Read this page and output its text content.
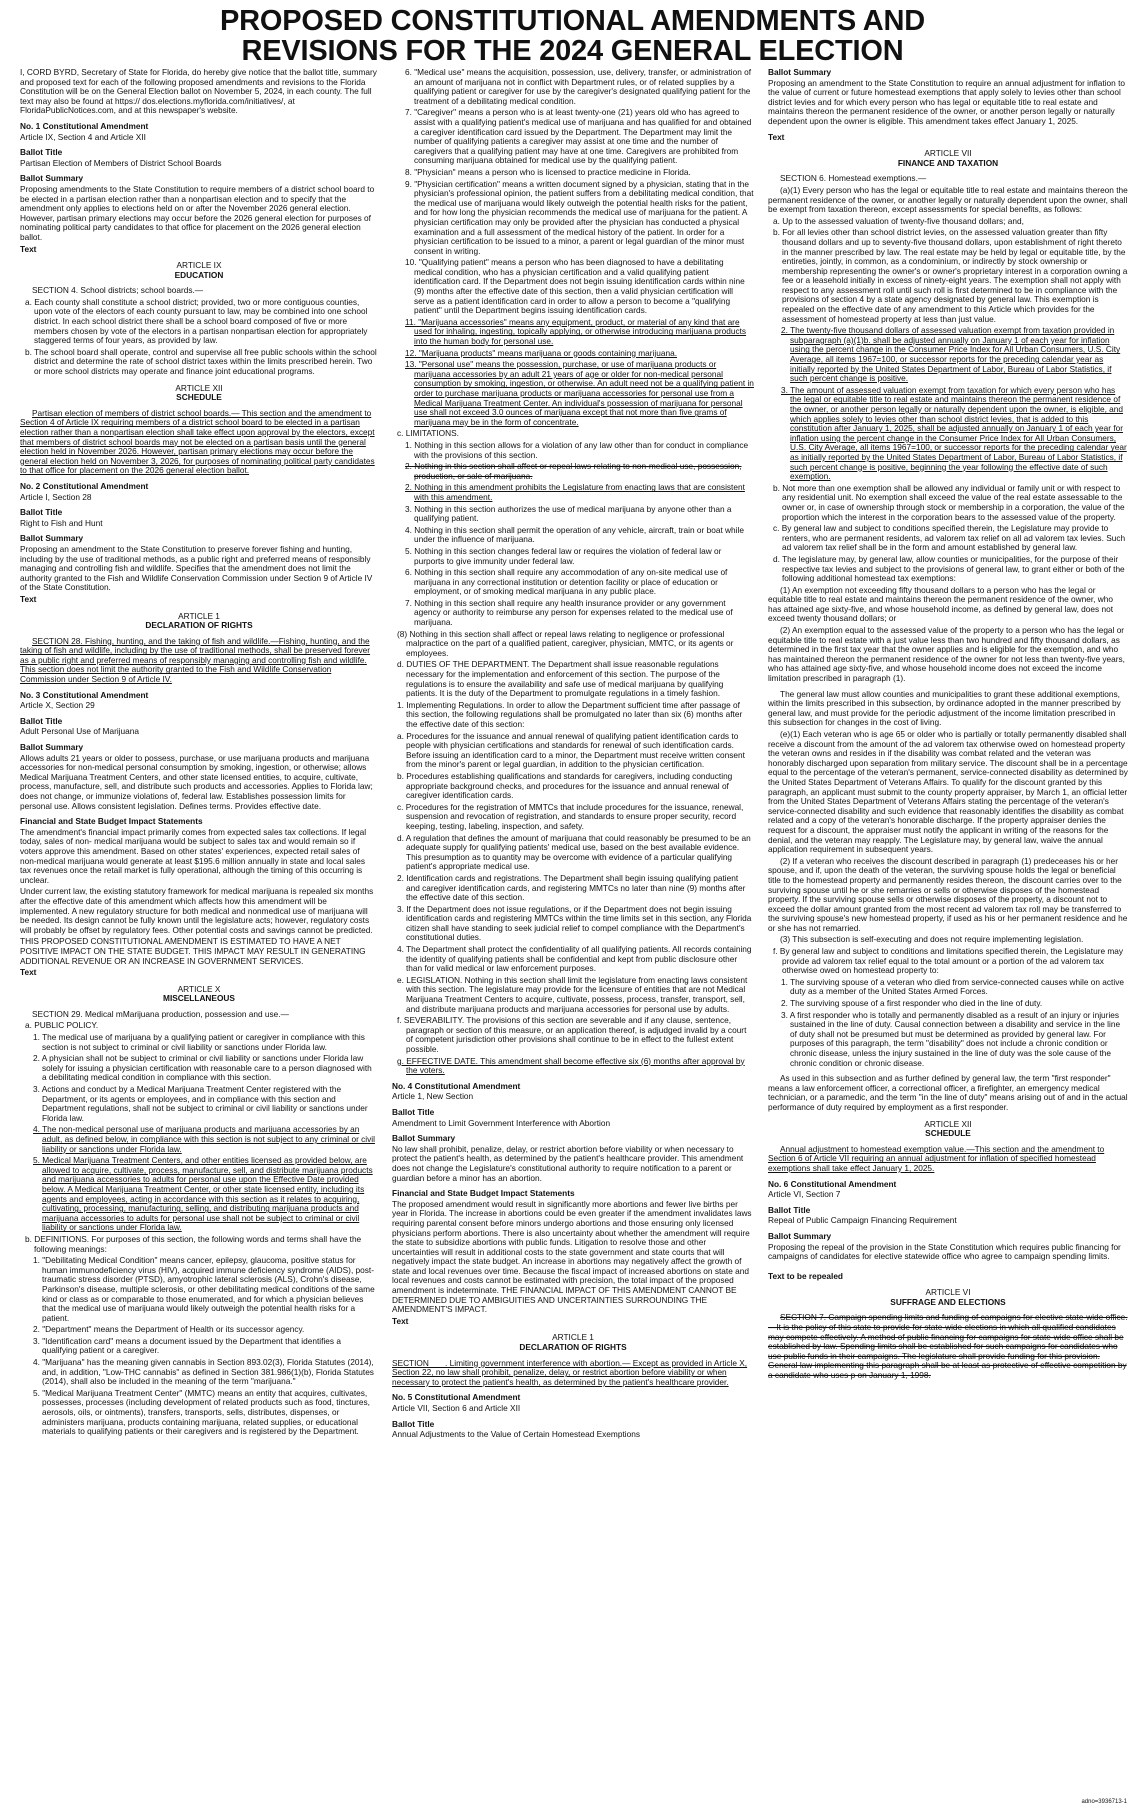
PROPOSED CONSTITUTIONAL AMENDMENTS AND
REVISIONS FOR THE 2024 GENERAL ELECTION

I, CORD BYRD, Secretary of State for Florida, do hereby give notice that the ballot title, summary and proposed text for each of the following proposed amendments and revisions to the Florida Constitution will be on the General Election ballot on November 5, 2024, in each county. The full text may also be found at https:// dos.elections.myflorida.com/initiatives/, at FloridaPublicNotices.com, and at this newspaper's website.

No. 1 Constitutional Amendment

Article IX, Section 4 and Article XII

Ballot Title

Partisan Election of Members of District School Boards

Ballot Summary

Proposing amendments to the State Constitution to require members of a district school board to be elected in a partisan election rather than a nonpartisan election and to specify that the amendment only applies to elections held on or after the November 2026 general election. However, partisan primary elections may occur before the 2026 general election for purposes of nominating political party candidates to that office for placement on the 2026 general election ballot.

Text

ARTICLE IX

EDUCATION

SECTION 4. School districts; school boards.—

a. Each county shall constitute a school district; provided, two or more contiguous counties, upon vote of the electors of each county pursuant to law, may be combined into one school district. In each school district there shall be a school board composed of five or more members chosen by vote of the electors in a partisan nonpartisan election for appropriately staggered terms of four years, as provided by law.

b. The school board shall operate, control and supervise all free public schools within the school district and determine the rate of school district taxes within the limits prescribed herein. Two or more school districts may operate and finance joint educational programs.

ARTICLE XII

SCHEDULE

Partisan election of members of district school boards.— This section and the amendment to Section 4 of Article IX requiring members of a district school board to be elected in a partisan election rather than a nonpartisan election shall take effect upon approval by the electors, except that members of district school boards may not be elected on a partisan basis until the general election held in November 2026. However, partisan primary elections may occur before the general election held on November 3, 2026, for purposes of nominating political party candidates to that office for placement on the 2026 general election ballot.

No. 2 Constitutional Amendment

Article I, Section 28

Ballot Title

Right to Fish and Hunt

Ballot Summary

Proposing an amendment to the State Constitution to preserve forever fishing and hunting, including by the use of traditional methods, as a public right and preferred means of responsibly managing and controlling fish and wildlife. Specifies that the amendment does not limit the authority granted to the Fish and Wildlife Conservation Commission under Section 9 of Article IV of the State Constitution.

Text

ARTICLE 1

DECLARATION OF RIGHTS

SECTION 28. Fishing, hunting, and the taking of fish and wildlife.—Fishing, hunting, and the taking of fish and wildlife, including by the use of traditional methods, shall be preserved forever as a public right and preferred means of responsibly managing and controlling fish and wildlife. This section does not limit the authority granted to the Fish and Wildlife Conservation Commission under Section 9 of Article IV.

No. 3 Constitutional Amendment

Article X, Section 29

Ballot Title

Adult Personal Use of Marijuana

Ballot Summary

Allows adults 21 years or older to possess, purchase, or use marijuana products and marijuana accessories for non-medical personal consumption by smoking, ingestion, or otherwise; allows Medical Marijuana Treatment Centers, and other state licensed entities, to acquire, cultivate, process, manufacture, sell, and distribute such products and accessories. Applies to Florida law; does not change, or immunize violations of, federal law. Establishes possession limits for personal use. Allows consistent legislation. Defines terms. Provides effective date.

Financial and State Budget Impact Statements

The amendment's financial impact primarily comes from expected sales tax collections. If legal today, sales of non- medical marijuana would be subject to sales tax and would remain so if voters approve this amendment. Based on other states' experiences, expected retail sales of non-medical marijuana would generate at least $195.6 million annually in state and local sales tax revenues once the retail market is fully operational, although the timing of this occurring is unclear.

Under current law, the existing statutory framework for medical marijuana is repealed six months after the effective date of this amendment which affects how this amendment will be implemented. A new regulatory structure for both medical and nonmedical use of marijuana will be needed. Its design cannot be fully known until the legislature acts; however, regulatory costs will probably be offset by regulatory fees. Other potential costs and savings cannot be predicted.

THIS PROPOSED CONSTITUTIONAL AMENDMENT IS ESTIMATED TO HAVE A NET POSITIVE IMPACT ON THE STATE BUDGET. THIS IMPACT MAY RESULT IN GENERATING ADDITIONAL REVENUE OR AN INCREASE IN GOVERNMENT SERVICES.

Text

ARTICLE X

MISCELLANEOUS

SECTION 29. Medical mMarijuana production, possession and use.—

a. PUBLIC POLICY.

1. The medical use of marijuana by a qualifying patient or caregiver in compliance with this section is not subject to criminal or civil liability or sanctions under Florida law.

2. A physician shall not be subject to criminal or civil liability or sanctions under Florida law solely for issuing a physician certification with reasonable care to a person diagnosed with a debilitating medical condition in compliance with this section.

3. Actions and conduct by a Medical Marijuana Treatment Center registered with the Department, or its agents or employees, and in compliance with this section and Department regulations, shall not be subject to criminal or civil liability or sanctions under Florida law.

4. The non-medical personal use of marijuana products and marijuana accessories by an adult, as defined below, in compliance with this section is not subject to any criminal or civil liability or sanctions under Florida law.

5. Medical Marijuana Treatment Centers, and other entities licensed as provided below, are allowed to acquire, cultivate, process, manufacture, sell, and distribute marijuana products and marijuana accessories to adults for personal use upon the Effective Date provided below. A Medical Marijuana Treatment Center, or other state licensed entity, including its agents and employees, acting in accordance with this section as it relates to acquiring, cultivating, processing, manufacturing, selling, and distributing marijuana products and marijuana accessories to adults for personal use shall not be subject to criminal or civil liability or sanctions under Florida law.

b. DEFINITIONS. For purposes of this section, the following words and terms shall have the following meanings:

1. "Debilitating Medical Condition" means cancer, epilepsy, glaucoma, positive status for human immunodeficiency virus (HIV), acquired immune deficiency syndrome (AIDS), post- traumatic stress disorder (PTSD), amyotrophic lateral sclerosis (ALS), Crohn's disease, Parkinson's disease, multiple sclerosis, or other debilitating medical conditions of the same kind or class as or comparable to those enumerated, and for which a physician believes that the medical use of marijuana would likely outweigh the potential health risks for a patient.

2. "Department" means the Department of Health or its successor agency.

3. "Identification card" means a document issued by the Department that identifies a qualifying patient or a caregiver.

4. "Marijuana" has the meaning given cannabis in Section 893.02(3), Florida Statutes (2014), and, in addition, "Low-THC cannabis" as defined in Section 381.986(1)(b), Florida Statutes (2014), shall also be included in the meaning of the term "marijuana."

5. "Medical Marijuana Treatment Center" (MMTC) means an entity that acquires, cultivates, possesses, processes (including development of related products such as food, tinctures, aerosols, oils, or ointments), transfers, transports, sells, distributes, dispenses, or administers marijuana, products containing marijuana, related supplies, or educational materials to qualifying patients or their caregivers and is registered by the Department.

6. "Medical use" means the acquisition, possession, use, delivery, transfer, or administration of an amount of marijuana not in conflict with Department rules, or of related supplies by a qualifying patient or caregiver for use by the caregiver's designated qualifying patient for the treatment of a debilitating medical condition.

7. "Caregiver" means a person who is at least twenty-one (21) years old who has agreed to assist with a qualifying patient's medical use of marijuana and has qualified for and obtained a caregiver identification card issued by the Department. The Department may limit the number of qualifying patients a caregiver may assist at one time and the number of caregivers that a qualifying patient may have at one time. Caregivers are prohibited from consuming marijuana obtained for medical use by the qualifying patient.

8. "Physician" means a person who is licensed to practice medicine in Florida.

9. "Physician certification" means a written document signed by a physician, stating that in the physician's professional opinion, the patient suffers from a debilitating medical condition, that the medical use of marijuana would likely outweigh the potential health risks for the patient, and for how long the physician recommends the medical use of marijuana for the patient. A physician certification may only be provided after the physician has conducted a physical examination and a full assessment of the medical history of the patient. In order for a physician certification to be issued to a minor, a parent or legal guardian of the minor must consent in writing.

10. "Qualifying patient" means a person who has been diagnosed to have a debilitating medical condition, who has a physician certification and a valid qualifying patient identification card. If the Department does not begin issuing identification cards within nine (9) months after the effective date of this section, then a valid physician certification will serve as a patient identification card in order to allow a person to become a "qualifying patient" until the Department begins issuing identification cards.

11. "Marijuana accessories" means any equipment, product, or material of any kind that are used for inhaling, ingesting, topically applying, or otherwise introducing marijuana products into the human body for personal use.

12. "Marijuana products" means marijuana or goods containing marijuana.

13. "Personal use" means the possession, purchase, or use of marijuana products or marijuana accessories by an adult 21 years of age or older for non-medical personal consumption by smoking, ingestion, or otherwise. An adult need not be a qualifying patient in order to purchase marijuana products or marijuana accessories for personal use from a Medical Marijuana Treatment Center. An individual's possession of marijuana for personal use shall not exceed 3.0 ounces of marijuana except that not more than five grams of marijuana may be in the form of concentrate.

c. LIMITATIONS.

1. Nothing in this section allows for a violation of any law other than for conduct in compliance with the provisions of this section.

2. Nothing in this section shall affect or repeal laws relating to non-medical use, possession, production, or sale of marijuana.

2. Nothing in this amendment prohibits the Legislature from enacting laws that are consistent with this amendment.

3. Nothing in this section authorizes the use of medical marijuana by anyone other than a qualifying patient.

4. Nothing in this section shall permit the operation of any vehicle, aircraft, train or boat while under the influence of marijuana.

5. Nothing in this section changes federal law or requires the violation of federal law or purports to give immunity under federal law.

6. Nothing in this section shall require any accommodation of any on-site medical use of marijuana in any correctional institution or detention facility or place of education or employment, or of smoking medical marijuana in any public place.

7. Nothing in this section shall require any health insurance provider or any government agency or authority to reimburse any person for expenses related to the medical use of marijuana.

(8) Nothing in this section shall affect or repeal laws relating to negligence or professional malpractice on the part of a qualified patient, caregiver, physician, MMTC, or its agents or employees.

d. DUTIES OF THE DEPARTMENT. The Department shall issue reasonable regulations necessary for the implementation and enforcement of this section. The purpose of the regulations is to ensure the availability and safe use of medical marijuana by qualifying patients. It is the duty of the Department to promulgate regulations in a timely fashion.

1. Implementing Regulations. In order to allow the Department sufficient time after passage of this section, the following regulations shall be promulgated no later than six (6) months after the effective date of this section:

a. Procedures for the issuance and annual renewal of qualifying patient identification cards to people with physician certifications and standards for renewal of such identification cards. Before issuing an identification card to a minor, the Department must receive written consent from the minor's parent or legal guardian, in addition to the physician certification.

b. Procedures establishing qualifications and standards for caregivers, including conducting appropriate background checks, and procedures for the issuance and annual renewal of caregiver identification cards.

c. Procedures for the registration of MMTCs that include procedures for the issuance, renewal, suspension and revocation of registration, and standards to ensure proper security, record keeping, testing, labeling, inspection, and safety.

d. A regulation that defines the amount of marijuana that could reasonably be presumed to be an adequate supply for qualifying patients' medical use, based on the best available evidence. This presumption as to quantity may be overcome with evidence of a particular qualifying patient's appropriate medical use.

2. Identification cards and registrations. The Department shall begin issuing qualifying patient and caregiver identification cards, and registering MMTCs no later than nine (9) months after the effective date of this section.

3. If the Department does not issue regulations, or if the Department does not begin issuing identification cards and registering MMTCs within the time limits set in this section, any Florida citizen shall have standing to seek judicial relief to compel compliance with the Department's constitutional duties.

4. The Department shall protect the confidentiality of all qualifying patients. All records containing the identity of qualifying patients shall be confidential and kept from public disclosure other than for valid medical or law enforcement purposes.

e. LEGISLATION. Nothing in this section shall limit the legislature from enacting laws consistent with this section. The legislature may provide for the licensure of entities that are not Medical Marijuana Treatment Centers to acquire, cultivate, possess, process, transfer, transport, sell, and distribute marijuana products and marijuana accessories for personal use by adults.

f. SEVERABILITY. The provisions of this section are severable and if any clause, sentence, paragraph or section of this measure, or an application thereof, is adjudged invalid by a court of competent jurisdiction other provisions shall continue to be in effect to the fullest extent possible.

g. EFFECTIVE DATE. This amendment shall become effective six (6) months after approval by the voters.

No. 4 Constitutional Amendment

Article 1, New Section

Ballot Title

Amendment to Limit Government Interference with Abortion

Ballot Summary

No law shall prohibit, penalize, delay, or restrict abortion before viability or when necessary to protect the patient's health, as determined by the patient's healthcare provider. This amendment does not change the Legislature's constitutional authority to require notification to a parent or guardian before a minor has an abortion.

Financial and State Budget Impact Statements

The proposed amendment would result in significantly more abortions and fewer live births per year in Florida. The increase in abortions could be even greater if the amendment invalidates laws requiring parental consent before minors undergo abortions and those ensuring only licensed physicians perform abortions. There is also uncertainty about whether the amendment will require the state to subsidize abortions with public funds. Litigation to resolve those and other uncertainties will result in additional costs to the state government and state courts that will negatively impact the state budget. An increase in abortions may negatively affect the growth of state and local revenues over time. Because the fiscal impact of increased abortions on state and local revenues and costs cannot be estimated with precision, the total impact of the proposed amendment is indeterminate. THE FINANCIAL IMPACT OF THIS AMENDMENT CANNOT BE DETERMINED DUE TO AMBIGUITIES AND UNCERTAINTIES SURROUNDING THE AMENDMENT'S IMPACT.

Text

ARTICLE 1

DECLARATION OF RIGHTS

SECTION ___. Limiting government interference with abortion.— Except as provided in Article X, Section 22, no law shall prohibit, penalize, delay, or restrict abortion before viability or when necessary to protect the patient's health, as determined by the patient's healthcare provider.

No. 5 Constitutional Amendment

Article VII, Section 6 and Article XII

Ballot Title

Annual Adjustments to the Value of Certain Homestead Exemptions

Ballot Summary

Proposing an amendment to the State Constitution to require an annual adjustment for inflation to the value of current or future homestead exemptions that apply solely to levies other than school district levies and for which every person who has legal or equitable title to real estate and maintains thereon the permanent residence of the owner, or another person legally or naturally dependent upon the owner is eligible. This amendment takes effect January 1, 2025.

Text

ARTICLE VII

FINANCE AND TAXATION

SECTION 6. Homestead exemptions.—

(a)(1) Every person who has the legal or equitable title to real estate and maintains thereon the permanent residence of the owner, or another legally or naturally dependent upon the owner, shall be exempt from taxation thereon, except assessments for special benefits, as follows:

a. Up to the assessed valuation of twenty-five thousand dollars; and,

b. For all levies other than school district levies, on the assessed valuation greater than fifty thousand dollars and up to seventy-five thousand dollars, upon establishment of right thereto in the manner prescribed by law. The real estate may be held by legal or equitable title, by the entireties, jointly, in common, as a condominium, or indirectly by stock ownership or membership representing the owner's or owner's proprietary interest in a corporation owning a fee or a leasehold initially in excess of ninety-eight years. The exemption shall not apply with respect to any assessment roll until such roll is first determined to be in compliance with the provisions of section 4 by a state agency designated by general law. This exemption is repealed on the effective date of any amendment to this Article which provides for the assessment of homestead property at less than just value.

2. The twenty-five thousand dollars of assessed valuation exempt from taxation provided in subparagraph (a)(1)b. shall be adjusted annually on January 1 of each year for inflation using the percent change in the Consumer Price Index for All Urban Consumers, U.S. City Average, all items 1967=100, or successor reports for the preceding calendar year as initially reported by the United States Department of Labor, Bureau of Labor Statistics, if such percent change is positive.

3. The amount of assessed valuation exempt from taxation for which every person who has the legal or equitable title to real estate and maintains thereon the permanent residence of the owner, or another person legally or naturally dependent upon the owner, is eligible, and which applies solely to levies other than school district levies, that is added to this constitution after January 1, 2025, shall be adjusted annually on January 1 of each year for inflation using the percent change in the Consumer Price Index for All Urban Consumers, U.S. City Average, all items 1967=100, or successor reports for the preceding calendar year as initially reported by the United States Department of Labor, Bureau of Labor Statistics, if such percent change is positive, beginning the year following the effective date of such exemption.

b. Not more than one exemption shall be allowed any individual or family unit or with respect to any residential unit. No exemption shall exceed the value of the real estate assessable to the owner or, in case of ownership through stock or membership in a corporation, the value of the proportion which the interest in the corporation bears to the assessed value of the property.

c. By general law and subject to conditions specified therein, the Legislature may provide to renters, who are permanent residents, ad valorem tax relief on all ad valorem tax levies. Such ad valorem tax relief shall be in the form and amount established by general law.

d. The legislature may, by general law, allow counties or municipalities, for the purpose of their respective tax levies and subject to the provisions of general law, to grant either or both of the following additional homestead tax exemptions:

(1) An exemption not exceeding fifty thousand dollars to a person who has the legal or equitable title to real estate and maintains thereon the permanent residence of the owner, who has attained age sixty-five, and whose household income, as defined by general law, does not exceed twenty thousand dollars; or

(2) An exemption equal to the assessed value of the property to a person who has the legal or equitable title to real estate with a just value less than two hundred and fifty thousand dollars, as determined in the first tax year that the owner applies and is eligible for the exemption, and who has maintained thereon the permanent residence of the owner for not less than twenty-five years, who has attained age sixty-five, and whose household income does not exceed the income limitation prescribed in paragraph (1).

The general law must allow counties and municipalities to grant these additional exemptions, within the limits prescribed in this subsection, by ordinance adopted in the manner prescribed by general law, and must provide for the periodic adjustment of the income limitation prescribed in this subsection for changes in the cost of living.

(e)(1) Each veteran who is age 65 or older who is partially or totally permanently disabled shall receive a discount from the amount of the ad valorem tax otherwise owed on homestead property the veteran owns and resides in if the disability was combat related and the veteran was honorably discharged upon separation from military service. The discount shall be in a percentage equal to the percentage of the veteran's permanent, service-connected disability as determined by the United States Department of Veterans Affairs. To qualify for the discount granted by this paragraph, an applicant must submit to the county property appraiser, by March 1, an official letter from the United States Department of Veterans Affairs stating the percentage of the veteran's service-connected disability and such evidence that reasonably identifies the disability as combat related and a copy of the veteran's honorable discharge. If the property appraiser denies the request for a discount, the appraiser must notify the applicant in writing of the reasons for the denial, and the veteran may reapply. The Legislature may, by general law, waive the annual application requirement in subsequent years.

(2) If a veteran who receives the discount described in paragraph (1) predeceases his or her spouse, and if, upon the death of the veteran, the surviving spouse holds the legal or beneficial title to the homestead property and permanently resides thereon, the discount carries over to the surviving spouse until he or she remarries or sells or otherwise disposes of the homestead property. If the surviving spouse sells or otherwise disposes of the property, a discount not to exceed the dollar amount granted from the most recent ad valorem tax roll may be transferred to the surviving spouse's new homestead property, if used as his or her permanent residence and he or she has not remarried.

(3) This subsection is self-executing and does not require implementing legislation.

f. By general law and subject to conditions and limitations specified therein, the Legislature may provide ad valorem tax relief equal to the total amount or a portion of the ad valorem tax otherwise owed on homestead property to:

1. The surviving spouse of a veteran who died from service-connected causes while on active duty as a member of the United States Armed Forces.

2. The surviving spouse of a first responder who died in the line of duty.

3. A first responder who is totally and permanently disabled as a result of an injury or injuries sustained in the line of duty. Causal connection between a disability and service in the line of duty shall not be presumed but must be determined as provided by general law. For purposes of this paragraph, the term "disability" does not include a chronic condition or chronic disease, unless the injury sustained in the line of duty was the sole cause of the chronic condition or chronic disease.

As used in this subsection and as further defined by general law, the term "first responder" means a law enforcement officer, a correctional officer, a firefighter, an emergency medical technician, or a paramedic, and the term "in the line of duty" means arising out of and in the actual performance of duty required by employment as a first responder.

ARTICLE XII

SCHEDULE

Annual adjustment to homestead exemption value.—This section and the amendment to Section 6 of Article VII requiring an annual adjustment for inflation of specified homestead exemptions shall take effect January 1, 2025.

No. 6 Constitutional Amendment

Article VI, Section 7

Ballot Title

Repeal of Public Campaign Financing Requirement

Ballot Summary

Proposing the repeal of the provision in the State Constitution which requires public financing for campaigns of candidates for elective statewide office who agree to campaign spending limits.

Text to be repealed

ARTICLE VI

SUFFRAGE AND ELECTIONS

SECTION 7. Campaign spending limits and funding of campaigns for elective state-wide office.—It is the policy of this state to provide for state-wide elections in which all qualified candidates may compete effectively. A method of public financing for campaigns for state-wide office shall be established by law. Spending limits shall be established for such campaigns for candidates who use public funds in their campaigns. The legislature shall provide funding for this provision. General law implementing this paragraph shall be at least as protective of effective competition by a candidate who uses p on January 1, 1998.

adno=3936713-1
